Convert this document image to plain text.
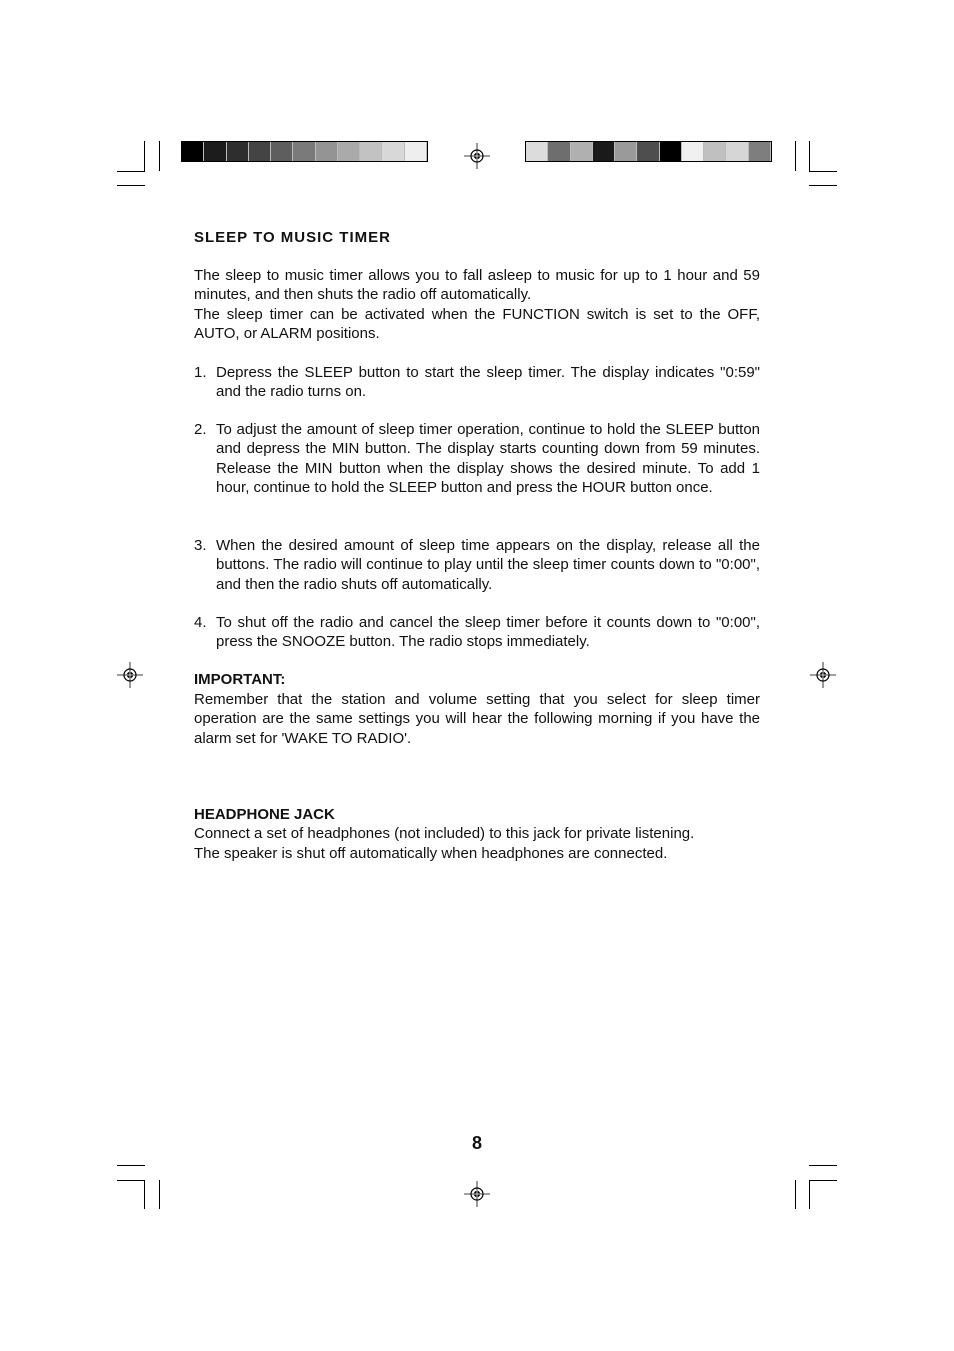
SLEEP TO MUSIC TIMER

The sleep to music timer allows you to fall asleep to music for up to 1 hour and 59 minutes, and then shuts the radio off automatically.

The sleep timer can be activated when the FUNCTION switch is set to the OFF, AUTO, or ALARM positions.

1. Depress the SLEEP button to start the sleep timer. The display indicates "0:59" and the radio turns on.
2. To adjust the amount of sleep timer operation, continue to hold the SLEEP button and depress the MIN button. The display starts counting down from 59 minutes. Release the MIN button when the display shows the desired minute. To add 1 hour, continue to hold the SLEEP button and press the HOUR button once.
3. When the desired amount of sleep time appears on the display, release all the buttons. The radio will continue to play until the sleep timer counts down to "0:00", and then the radio shuts off automatically.
4. To shut off the radio and cancel the sleep timer before it counts down to "0:00", press the SNOOZE button. The radio stops immediately.
IMPORTANT:

Remember that the station and volume setting that you select for sleep timer operation are the same settings you will hear the following morning if you have the alarm set for 'WAKE TO RADIO'.

HEADPHONE JACK

Connect a set of headphones (not included) to this jack for private listening.

The speaker is shut off automatically when headphones are connected.

8
